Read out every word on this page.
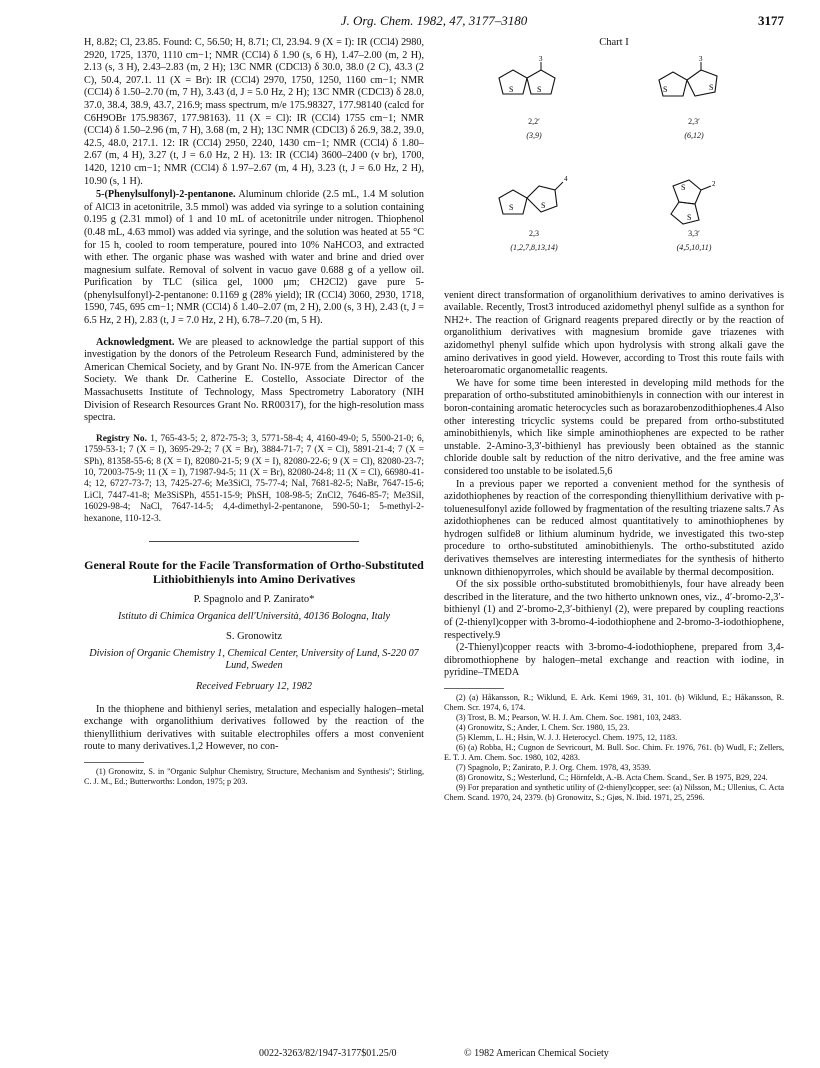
J. Org. Chem. 1982, 47, 3177–3180	3177

H, 8.82; Cl, 23.85. Found: C, 56.50; H, 8.71; Cl, 23.94. 9 (X = I): IR (CCl4) 2980, 2920, 1725, 1370, 1110 cm−1; NMR (CCl4) δ 1.90 (s, 6 H), 1.47–2.00 (m, 2 H), 2.13 (s, 3 H), 2.43–2.83 (m, 2 H); 13C NMR (CDCl3) δ 30.0, 38.0 (2 C), 43.3 (2 C), 50.4, 207.1. 11 (X = Br): IR (CCl4) 2970, 1750, 1250, 1160 cm−1; NMR (CCl4) δ 1.50–2.70 (m, 7 H), 3.43 (d, J = 5.0 Hz, 2 H); 13C NMR (CDCl3) δ 28.0, 37.0, 38.4, 38.9, 43.7, 216.9; mass spectrum, m/e 175.98327, 177.98140 (calcd for C6H9OBr 175.98367, 177.98163). 11 (X = Cl): IR (CCl4) 1755 cm−1; NMR (CCl4) δ 1.50–2.96 (m, 7 H), 3.68 (m, 2 H); 13C NMR (CDCl3) δ 26.9, 38.2, 39.0, 42.5, 48.0, 217.1. 12: IR (CCl4) 2950, 2240, 1430 cm−1; NMR (CCl4) δ 1.80–2.67 (m, 4 H), 3.27 (t, J = 6.0 Hz, 2 H). 13: IR (CCl4) 3600–2400 (v br), 1700, 1420, 1210 cm−1; NMR (CCl4) δ 1.97–2.67 (m, 4 H), 3.23 (t, J = 6.0 Hz, 2 H), 10.90 (s, 1 H).

5-(Phenylsulfonyl)-2-pentanone. Aluminum chloride (2.5 mL, 1.4 M solution of AlCl3 in acetonitrile, 3.5 mmol) was added via syringe to a solution containing 0.195 g (2.31 mmol) of 1 and 10 mL of acetonitrile under nitrogen. Thiophenol (0.48 mL, 4.63 mmol) was added via syringe, and the solution was heated at 55 °C for 15 h, cooled to room temperature, poured into 10% NaHCO3, and extracted with ether. The organic phase was washed with water and brine and dried over magnesium sulfate. Removal of solvent in vacuo gave 0.688 g of a yellow oil. Purification by TLC (silica gel, 1000 μm; CH2Cl2) gave pure 5-(phenylsulfonyl)-2-pentanone: 0.1169 g (28% yield); IR (CCl4) 3060, 2930, 1718, 1590, 745, 695 cm−1; NMR (CCl4) δ 1.40–2.07 (m, 2 H), 2.00 (s, 3 H), 2.43 (t, J = 6.5 Hz, 2 H), 2.83 (t, J = 7.0 Hz, 2 H), 6.78–7.20 (m, 5 H).

Acknowledgment. We are pleased to acknowledge the partial support of this investigation by the donors of the Petroleum Research Fund, administered by the American Chemical Society, and by Grant No. IN-97E from the American Cancer Society. We thank Dr. Catherine E. Costello, Associate Director of the Massachusetts Institute of Technology, Mass Spectrometry Laboratory (NIH Division of Research Resources Grant No. RR00317), for the high-resolution mass spectra.

Registry No. 1, 765-43-5; 2, 872-75-3; 3, 5771-58-4; 4, 4160-49-0; 5, 5500-21-0; 6, 1759-53-1; 7 (X = I), 3695-29-2; 7 (X = Br), 3884-71-7; 7 (X = Cl), 5891-21-4; 7 (X = SPh), 81358-55-6; 8 (X = I), 82080-21-5; 9 (X = I), 82080-22-6; 9 (X = Cl), 82080-23-7; 10, 72003-75-9; 11 (X = I), 71987-94-5; 11 (X = Br), 82080-24-8; 11 (X = Cl), 66980-41-4; 12, 6727-73-7; 13, 7425-27-6; Me3SiCl, 75-77-4; NaI, 7681-82-5; NaBr, 7647-15-6; LiCl, 7447-41-8; Me3SiSPh, 4551-15-9; PhSH, 108-98-5; ZnCl2, 7646-85-7; Me3SiI, 16029-98-4; NaCl, 7647-14-5; 4,4-dimethyl-2-pentanone, 590-50-1; 5-methyl-2-hexanone, 110-12-3.

General Route for the Facile Transformation of Ortho-Substituted Lithiobithienyls into Amino Derivatives
P. Spagnolo and P. Zanirato*
Istituto di Chimica Organica dell'Università, 40136 Bologna, Italy
S. Gronowitz
Division of Organic Chemistry 1, Chemical Center, University of Lund, S-220 07 Lund, Sweden
Received February 12, 1982

In the thiophene and bithienyl series, metalation and especially halogen–metal exchange with organolithium derivatives followed by the reaction of the thienyllithium derivatives with suitable electrophiles offers a most convenient route to many derivatives.1,2 However, no con-

(1) Gronowitz, S. in "Organic Sulphur Chemistry, Structure, Mechanism and Synthesis"; Stirling, C. J. M., Ed.; Butterworths: London, 1975; p 203.

Chart I
S	S
3
2,2′
(3,9)
S	S
3
2,3′
(6,12)
S	S
4
2,3
(1,2,7,8,13,14)
S
S
2
3,3′
(4,5,10,11)

venient direct transformation of organolithium derivatives to amino derivatives is available. Recently, Trost3 introduced azidomethyl phenyl sulfide as a synthon for NH2+. The reaction of Grignard reagents prepared directly or by the reaction of organolithium derivatives with magnesium bromide gave triazenes with azidomethyl phenyl sulfide which upon hydrolysis with strong alkali gave the amino derivatives in good yield. However, according to Trost this route fails with heteroaromatic organometallic reagents.

We have for some time been interested in developing mild methods for the preparation of ortho-substituted aminobithienyls in connection with our interest in boron-containing aromatic heterocycles such as borazarobenzodithiophenes.4 Also other interesting tricyclic systems could be prepared from ortho-substituted aminobithienyls, which like simple aminothiophenes are expected to be rather unstable. 2-Amino-3,3′-bithienyl has previously been obtained as the stannic chloride double salt by reduction of the nitro derivative, and the free amine was considered too unstable to be isolated.5,6

In a previous paper we reported a convenient method for the synthesis of azidothiophenes by reaction of the corresponding thienyllithium derivative with p-toluenesulfonyl azide followed by fragmentation of the resulting triazene salts.7 As azidothiophenes can be reduced almost quantitatively to aminothiophenes by hydrogen sulfide8 or lithium aluminum hydride, we investigated this two-step procedure to ortho-substituted aminobithienyls. The ortho-substituted azido derivatives themselves are interesting intermediates for the synthesis of hitherto unknown dithienopyrroles, which should be available by thermal decomposition.

Of the six possible ortho-substituted bromobithienyls, four have already been described in the literature, and the two hitherto unknown ones, viz., 4′-bromo-2,3′-bithienyl (1) and 2′-bromo-2,3′-bithienyl (2), were prepared by coupling reactions of (2-thienyl)copper with 3-bromo-4-iodothiophene and 2-bromo-3-iodothiophene, respectively.9

(2-Thienyl)copper reacts with 3-bromo-4-iodothiophene, prepared from 3,4-dibromothiophene by halogen–metal exchange and reaction with iodine, in pyridine–TMEDA

(2) (a) Håkansson, R.; Wiklund, E. Ark. Kemi 1969, 31, 101. (b) Wiklund, E.; Håkansson, R. Chem. Scr. 1974, 6, 174.

(3) Trost, B. M.; Pearson, W. H. J. Am. Chem. Soc. 1981, 103, 2483.

(4) Gronowitz, S.; Ander, I. Chem. Scr. 1980, 15, 23.

(5) Klemm, L. H.; Hsin, W. J. J. Heterocycl. Chem. 1975, 12, 1183.

(6) (a) Robba, H.; Cugnon de Sevricourt, M. Bull. Soc. Chim. Fr. 1976, 761. (b) Wudl, F.; Zellers, E. T. J. Am. Chem. Soc. 1980, 102, 4283.

(7) Spagnolo, P.; Zanirato, P. J. Org. Chem. 1978, 43, 3539.

(8) Gronowitz, S.; Westerlund, C.; Hörnfeldt, A.-B. Acta Chem. Scand., Ser. B 1975, B29, 224.

(9) For preparation and synthetic utility of (2-thienyl)copper, see: (a) Nilsson, M.; Ullenius, C. Acta Chem. Scand. 1970, 24, 2379. (b) Gronowitz, S.; Gjøs, N. Ibid. 1971, 25, 2596.

0022-3263/82/1947-3177$01.25/0	© 1982 American Chemical Society
